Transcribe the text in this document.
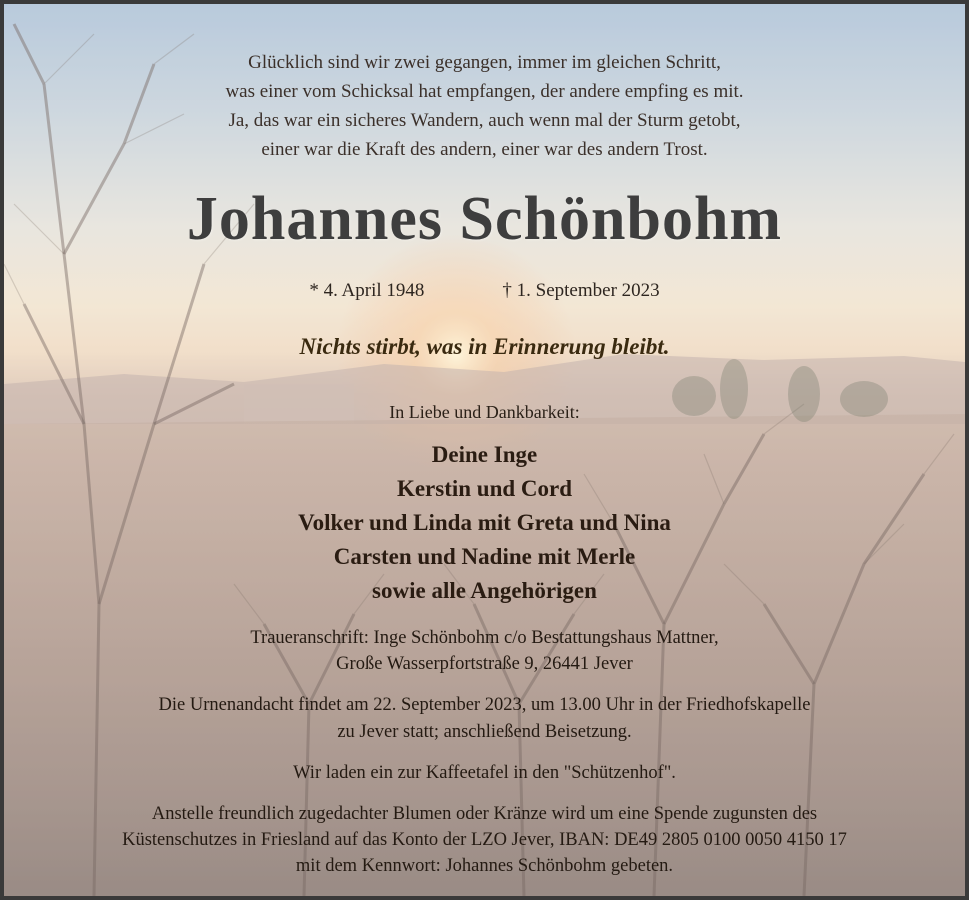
Glücklich sind wir zwei gegangen, immer im gleichen Schritt,
was einer vom Schicksal hat empfangen, der andere empfing es mit.
Ja, das war ein sicheres Wandern, auch wenn mal der Sturm getobt,
einer war die Kraft des andern, einer war des andern Trost.
Johannes Schönbohm
* 4. April 1948	† 1. September 2023
Nichts stirbt, was in Erinnerung bleibt.
In Liebe und Dankbarkeit:
Deine Inge
Kerstin und Cord
Volker und Linda mit Greta und Nina
Carsten und Nadine mit Merle
sowie alle Angehörigen
Traueranschrift: Inge Schönbohm c/o Bestattungshaus Mattner,
Große Wasserpfortstraße 9, 26441 Jever
Die Urnenandacht findet am 22. September 2023, um 13.00 Uhr in der Friedhofskapelle
zu Jever statt; anschließend Beisetzung.
Wir laden ein zur Kaffeetafel in den "Schützenhof".
Anstelle freundlich zugedachter Blumen oder Kränze wird um eine Spende zugunsten des
Küstenschutzes in Friesland auf das Konto der LZO Jever, IBAN: DE49 2805 0100 0050 4150 17
mit dem Kennwort: Johannes Schönbohm gebeten.
